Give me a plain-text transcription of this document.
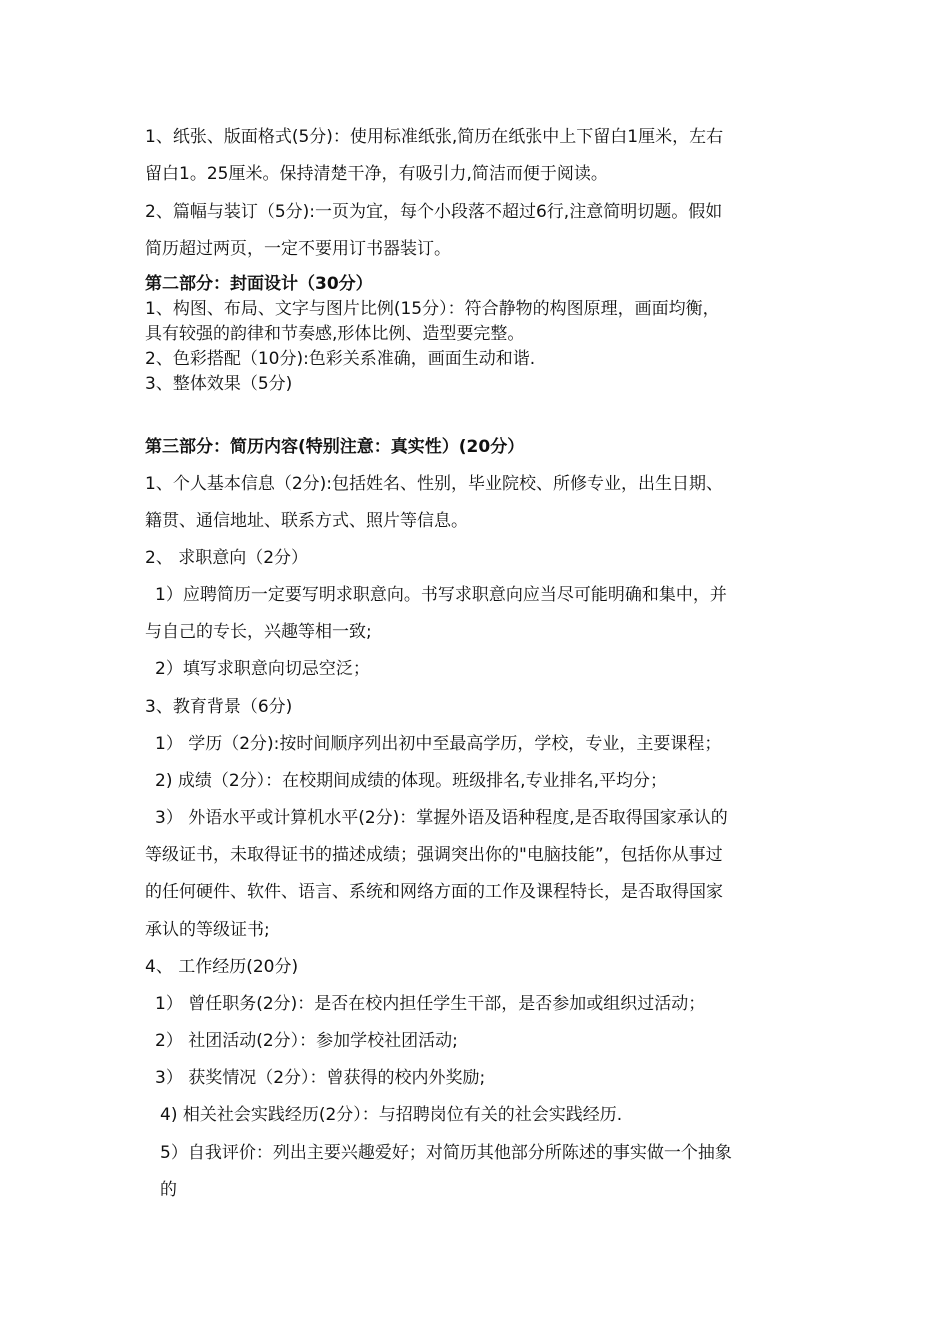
1、纸张、版面格式(5分)：使用标准纸张,简历在纸张中上下留白1厘米，左右
留白1。25厘米。保持清楚干净，有吸引力,简洁而便于阅读。
2、篇幅与装订（5分):一页为宜，每个小段落不超过6行,注意简明切题。假如
简历超过两页，一定不要用订书器装订。
第二部分：封面设计（30分）
1、构图、布局、文字与图片比例(15分）：符合静物的构图原理，画面均衡，
具有较强的韵律和节奏感,形体比例、造型要完整。
2、色彩搭配（10分):色彩关系准确，画面生动和谐.
3、整体效果（5分)
第三部分：简历内容(特别注意：真实性）(20分）
1、个人基本信息（2分):包括姓名、性别，毕业院校、所修专业，出生日期、
籍贯、通信地址、联系方式、照片等信息。
2、 求职意向（2分）
1）应聘简历一定要写明求职意向。书写求职意向应当尽可能明确和集中，并
与自己的专长，兴趣等相一致;
2）填写求职意向切忌空泛；
3、教育背景（6分)
1） 学历（2分):按时间顺序列出初中至最高学历，学校，专业，主要课程；
2) 成绩（2分）：在校期间成绩的体现。班级排名,专业排名,平均分；
3） 外语水平或计算机水平(2分)：掌握外语及语种程度,是否取得国家承认的
等级证书，未取得证书的描述成绩；强调突出你的"电脑技能”，包括你从事过
的任何硬件、软件、语言、系统和网络方面的工作及课程特长，是否取得国家
承认的等级证书;
4、 工作经历(20分)
1） 曾任职务(2分)：是否在校内担任学生干部，是否参加或组织过活动；
2） 社团活动(2分）：参加学校社团活动;
3） 获奖情况（2分）：曾获得的校内外奖励;
4) 相关社会实践经历(2分）：与招聘岗位有关的社会实践经历.
5）自我评价：列出主要兴趣爱好；对简历其他部分所陈述的事实做一个抽象
的
